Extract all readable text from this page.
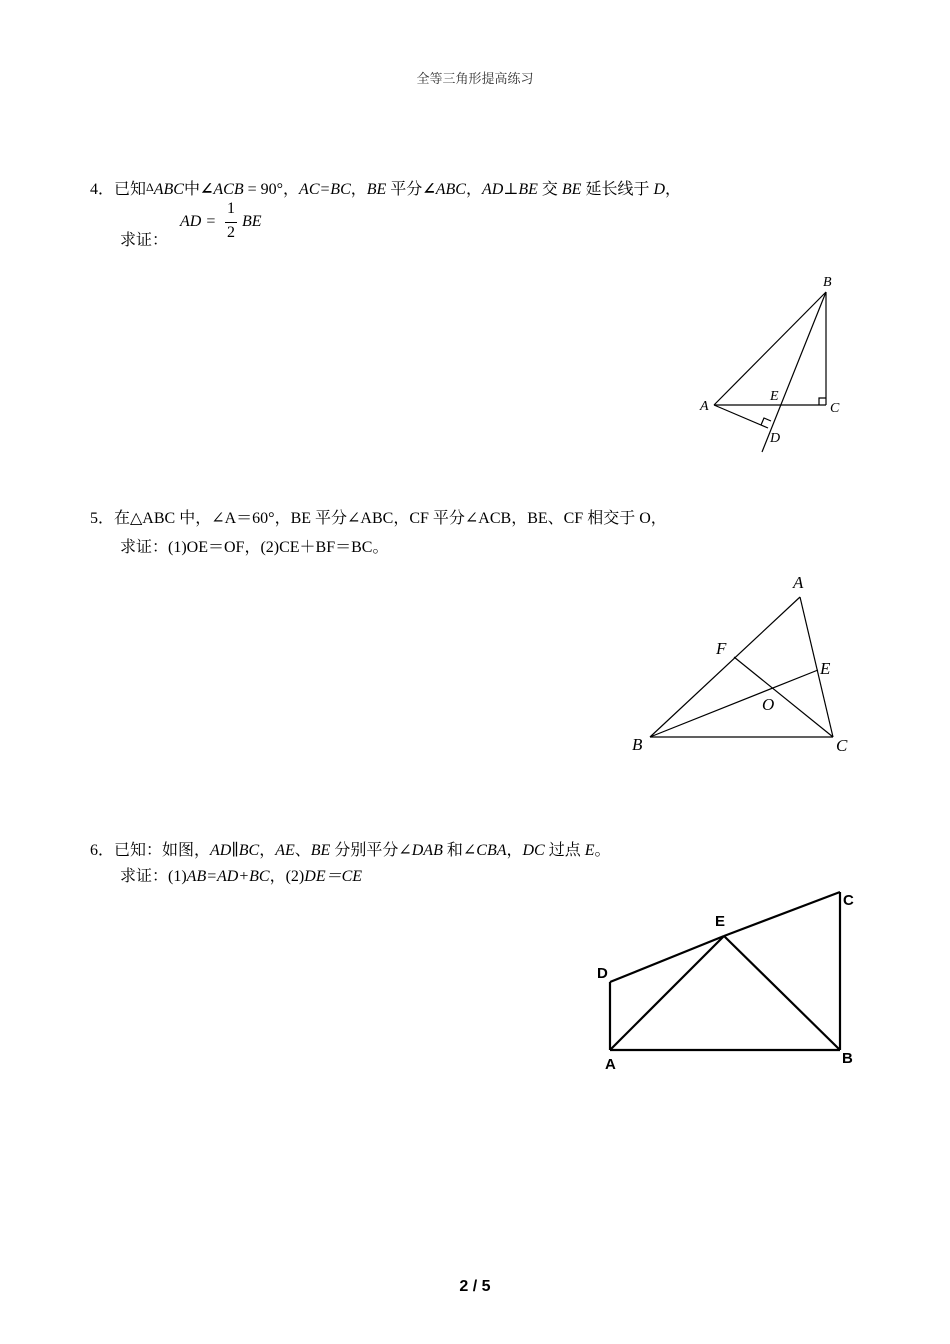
全等三角形提高练习
4．已知ΔABC中∠ACB = 90°，AC=BC，BE 平分∠ABC，AD⊥BE 交 BE 延长线于 D，
求证：
AD =
1
2
BE
B
A	C
E
D
5．在△ABC 中，∠A＝60°，BE 平分∠ABC，CF 平分∠ACB，BE、CF 相交于 O，
求证：(1)OE＝OF，(2)CE＋BF＝BC。
A
B	C
E
F
O
6．已知：如图，AD∥BC，AE、BE 分别平分∠DAB 和∠CBA，DC 过点 E。
求证：(1)AB=AD+BC，(2)DE＝CE
A	B
C
D
E
2 / 5
